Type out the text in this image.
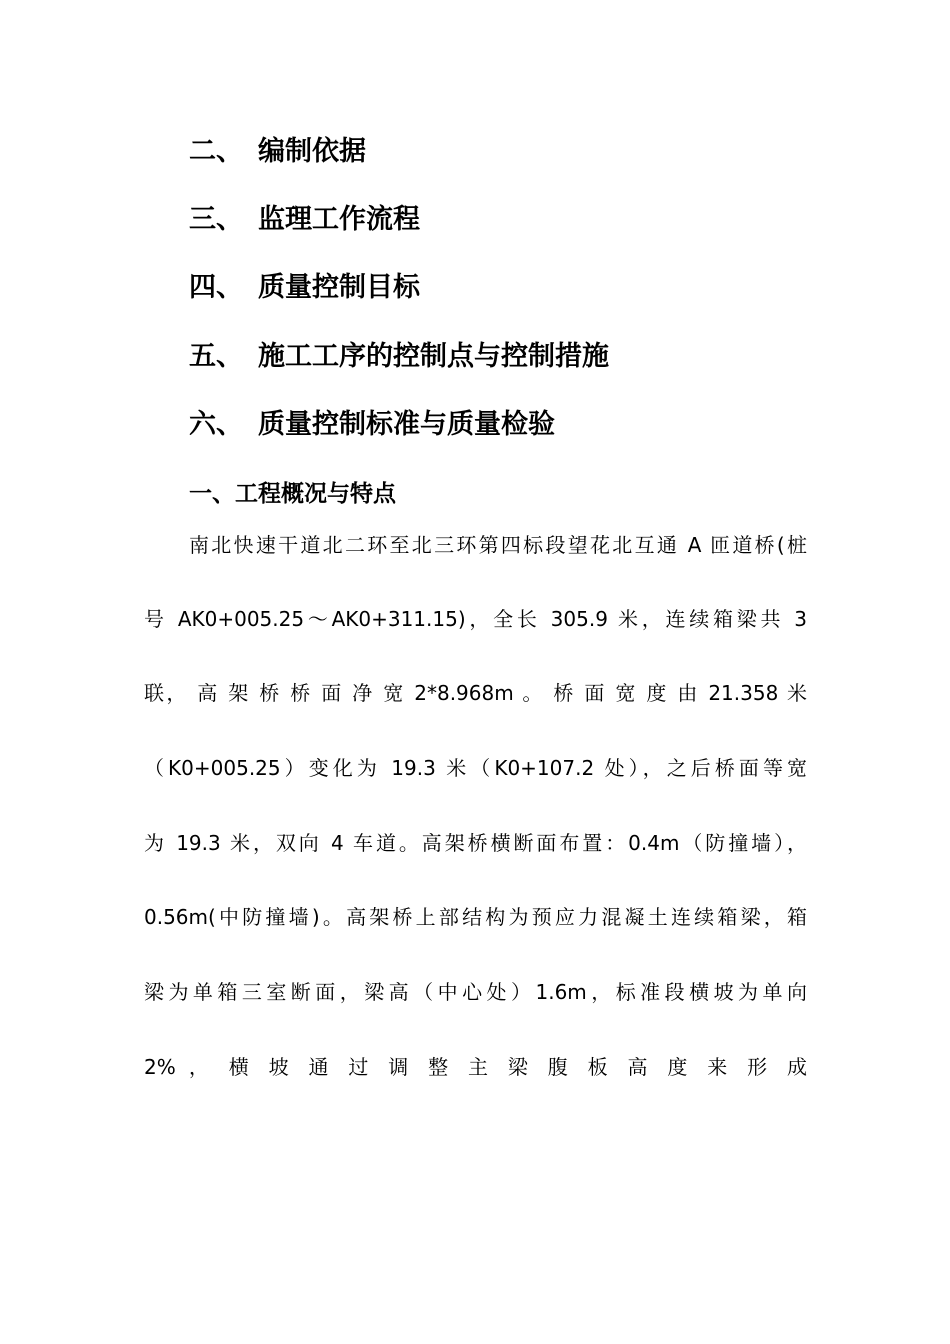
二、 编制依据
三、 监理工作流程
四、 质量控制目标
五、 施工工序的控制点与控制措施
六、 质量控制标准与质量检验
一、工程概况与特点
南北快速干道北二环至北三环第四标段望花北互通 A 匝道桥(桩
号 AK0+005.25～AK0+311.15)，全长 305.9 米，连续箱梁共 3
联， 高 架 桥 桥 面 净 宽 2*8.968m 。 桥 面 宽 度 由 21.358 米
（K0+005.25）变化为 19.3 米（K0+107.2 处），之后桥面等宽
为 19.3 米，双向 4 车道。高架桥横断面布置：0.4m（防撞墙），
0.56m(中防撞墙)。高架桥上部结构为预应力混凝土连续箱梁，箱
梁为单箱三室断面，梁高（中心处）1.6m，标准段横坡为单向
2% ， 横 坡 通 过 调 整 主 梁 腹 板 高 度 来 形 成
